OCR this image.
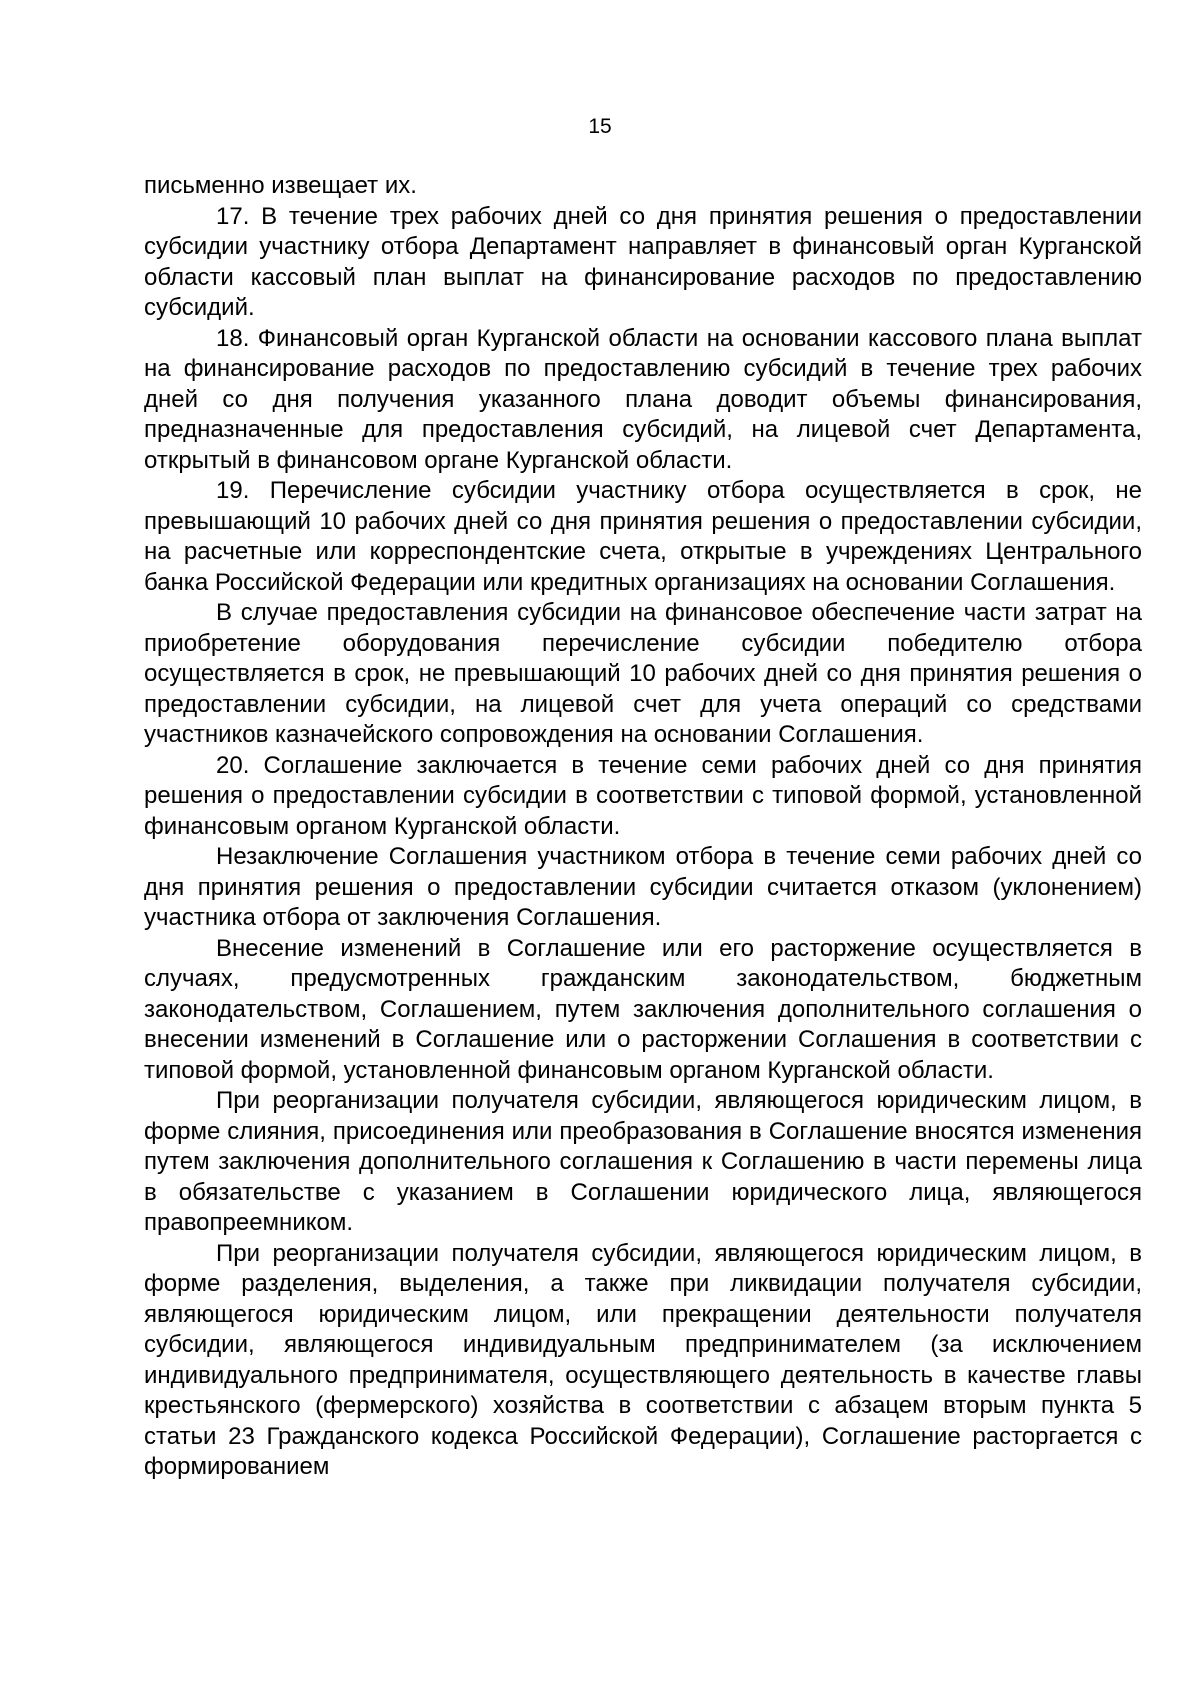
15

письменно извещает их.

17. В течение трех рабочих дней со дня принятия решения о предоставлении субсидии участнику отбора Департамент направляет в финансовый орган Курганской области кассовый план выплат на финансирование расходов по предоставлению субсидий.

18. Финансовый орган Курганской области на основании кассового плана выплат на финансирование расходов по предоставлению субсидий в течение трех рабочих дней со дня получения указанного плана доводит объемы финансирования, предназначенные для предоставления субсидий, на лицевой счет Департамента, открытый в финансовом органе Курганской области.

19. Перечисление субсидии участнику отбора осуществляется в срок, не превышающий 10 рабочих дней со дня принятия решения о предоставлении субсидии, на расчетные или корреспондентские счета, открытые в учреждениях Центрального банка Российской Федерации или кредитных организациях на основании Соглашения.

В случае предоставления субсидии на финансовое обеспечение части затрат на приобретение оборудования перечисление субсидии победителю отбора осуществляется в срок, не превышающий 10 рабочих дней со дня принятия решения о предоставлении субсидии, на лицевой счет для учета операций со средствами участников казначейского сопровождения на основании Соглашения.

20. Соглашение заключается в течение семи рабочих дней со дня принятия решения о предоставлении субсидии в соответствии с типовой формой, установленной финансовым органом Курганской области.

Незаключение Соглашения участником отбора в течение семи рабочих дней со дня принятия решения о предоставлении субсидии считается отказом (уклонением) участника отбора от заключения Соглашения.

Внесение изменений в Соглашение или его расторжение осуществляется в случаях, предусмотренных гражданским законодательством, бюджетным законодательством, Соглашением, путем заключения дополнительного соглашения о внесении изменений в Соглашение или о расторжении Соглашения в соответствии с типовой формой, установленной финансовым органом Курганской области.

При реорганизации получателя субсидии, являющегося юридическим лицом, в форме слияния, присоединения или преобразования в Соглашение вносятся изменения путем заключения дополнительного соглашения к Соглашению в части перемены лица в обязательстве с указанием в Соглашении юридического лица, являющегося правопреемником.

При реорганизации получателя субсидии, являющегося юридическим лицом, в форме разделения, выделения, а также при ликвидации получателя субсидии, являющегося юридическим лицом, или прекращении деятельности получателя субсидии, являющегося индивидуальным предпринимателем (за исключением индивидуального предпринимателя, осуществляющего деятельность в качестве главы крестьянского (фермерского) хозяйства в соответствии с абзацем вторым пункта 5 статьи 23 Гражданского кодекса Российской Федерации), Соглашение расторгается с формированием
